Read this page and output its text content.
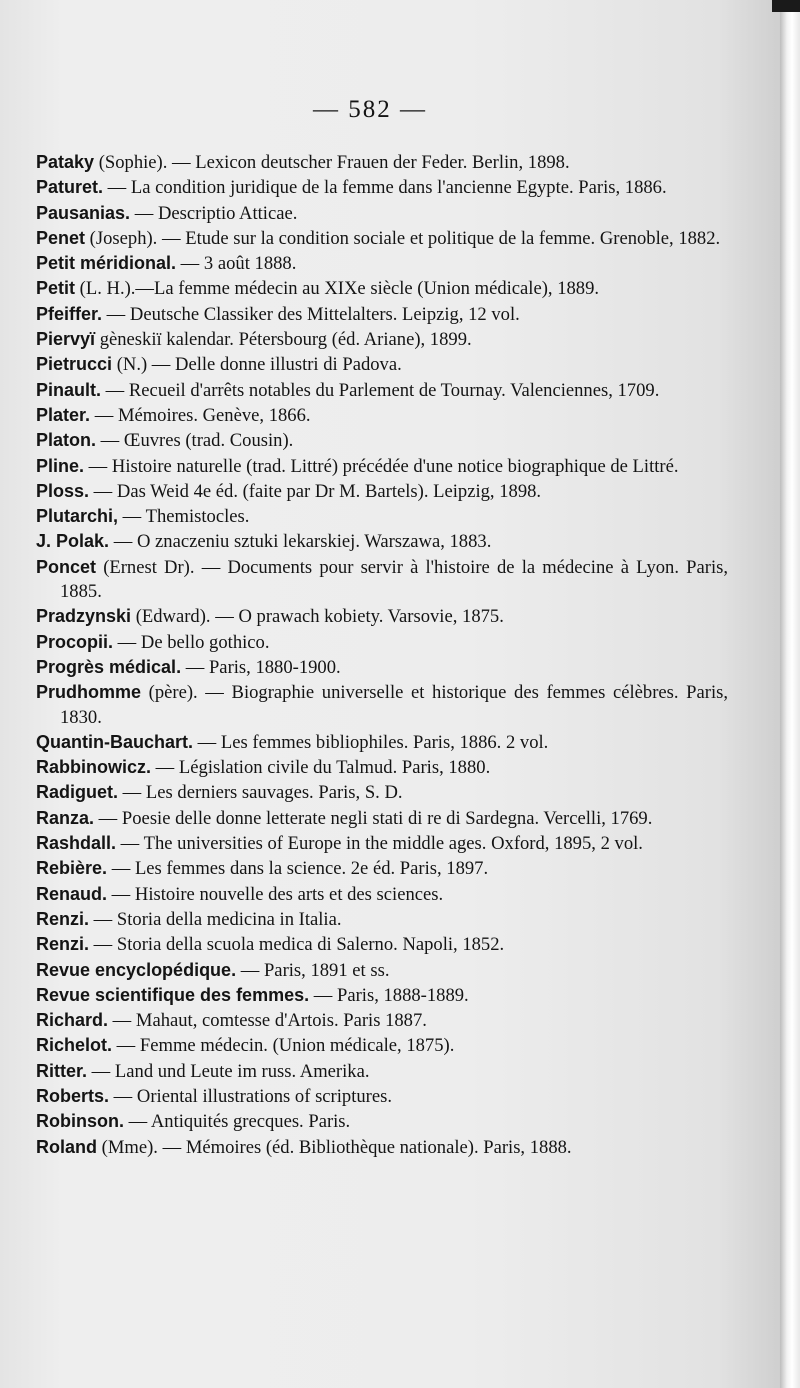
— 582 —
Pataky (Sophie). — Lexicon deutscher Frauen der Feder. Berlin, 1898.
Paturet. — La condition juridique de la femme dans l'ancienne Egypte. Paris, 1886.
Pausanias. — Descriptio Atticae.
Penet (Joseph). — Etude sur la condition sociale et politique de la femme. Grenoble, 1882.
Petit méridional. — 3 août 1888.
Petit (L. H.).—La femme médecin au XIXe siècle (Union médicale), 1889.
Pfeiffer. — Deutsche Classiker des Mittelalters. Leipzig, 12 vol.
Piervyï gèneskiï kalendar. Pétersbourg (éd. Ariane), 1899.
Pietrucci (N.) — Delle donne illustri di Padova.
Pinault. — Recueil d'arrêts notables du Parlement de Tournay. Valenciennes, 1709.
Plater. — Mémoires. Genève, 1866.
Platon. — Œuvres (trad. Cousin).
Pline. — Histoire naturelle (trad. Littré) précédée d'une notice biographique de Littré.
Ploss. — Das Weid 4e éd. (faite par Dr M. Bartels). Leipzig, 1898.
Plutarchi, — Themistocles.
J. Polak. — O znaczeniu sztuki lekarskiej. Warszawa, 1883.
Poncet (Ernest Dr). — Documents pour servir à l'histoire de la médecine à Lyon. Paris, 1885.
Pradzynski (Edward). — O prawach kobiety. Varsovie, 1875.
Procopii. — De bello gothico.
Progrès médical. — Paris, 1880-1900.
Prudhomme (père). — Biographie universelle et historique des femmes célèbres. Paris, 1830.
Quantin-Bauchart. — Les femmes bibliophiles. Paris, 1886. 2 vol.
Rabbinowicz. — Législation civile du Talmud. Paris, 1880.
Radiguet. — Les derniers sauvages. Paris, S. D.
Ranza. — Poesie delle donne letterate negli stati di re di Sardegna. Vercelli, 1769.
Rashdall. — The universities of Europe in the middle ages. Oxford, 1895, 2 vol.
Rebière. — Les femmes dans la science. 2e éd. Paris, 1897.
Renaud. — Histoire nouvelle des arts et des sciences.
Renzi. — Storia della medicina in Italia.
Renzi. — Storia della scuola medica di Salerno. Napoli, 1852.
Revue encyclopédique. — Paris, 1891 et ss.
Revue scientifique des femmes. — Paris, 1888-1889.
Richard. — Mahaut, comtesse d'Artois. Paris 1887.
Richelot. — Femme médecin. (Union médicale, 1875).
Ritter. — Land und Leute im russ. Amerika.
Roberts. — Oriental illustrations of scriptures.
Robinson. — Antiquités grecques. Paris.
Roland (Mme). — Mémoires (éd. Bibliothèque nationale). Paris, 1888.
